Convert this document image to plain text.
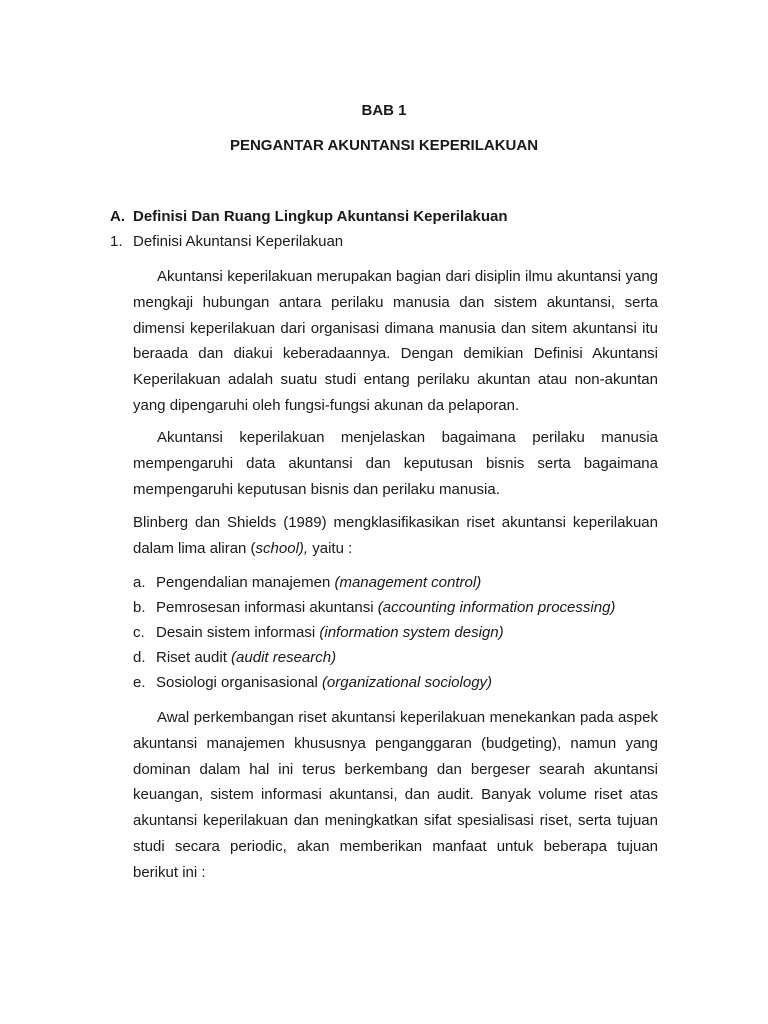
BAB 1

PENGANTAR AKUNTANSI KEPERILAKUAN

A. Definisi Dan Ruang Lingkup Akuntansi Keperilakuan

1. Definisi Akuntansi Keperilakuan

Akuntansi keperilakuan merupakan bagian dari disiplin ilmu akuntansi yang mengkaji hubungan antara perilaku manusia dan sistem akuntansi, serta dimensi keperilakuan dari organisasi dimana manusia dan sitem akuntansi itu beraada dan diakui keberadaannya. Dengan demikian Definisi Akuntansi Keperilakuan adalah suatu studi entang perilaku akuntan atau non-akuntan yang dipengaruhi oleh fungsi-fungsi akunan da pelaporan.

Akuntansi keperilakuan menjelaskan bagaimana perilaku manusia mempengaruhi data akuntansi dan keputusan bisnis serta bagaimana mempengaruhi keputusan bisnis dan perilaku manusia.

Blinberg dan Shields (1989) mengklasifikasikan riset akuntansi keperilakuan dalam lima aliran (school), yaitu :

a. Pengendalian manajemen (management control)
b. Pemrosesan informasi akuntansi (accounting information processing)
c. Desain sistem informasi (information system design)
d. Riset audit (audit research)
e. Sosiologi organisasional (organizational sociology)

Awal perkembangan riset akuntansi keperilakuan menekankan pada aspek akuntansi manajemen khususnya penganggaran (budgeting), namun yang dominan dalam hal ini terus berkembang dan bergeser searah akuntansi keuangan, sistem informasi akuntansi, dan audit. Banyak volume riset atas akuntansi keperilakuan dan meningkatkan sifat spesialisasi riset, serta tujuan studi secara periodic, akan memberikan manfaat untuk beberapa tujuan berikut ini :
